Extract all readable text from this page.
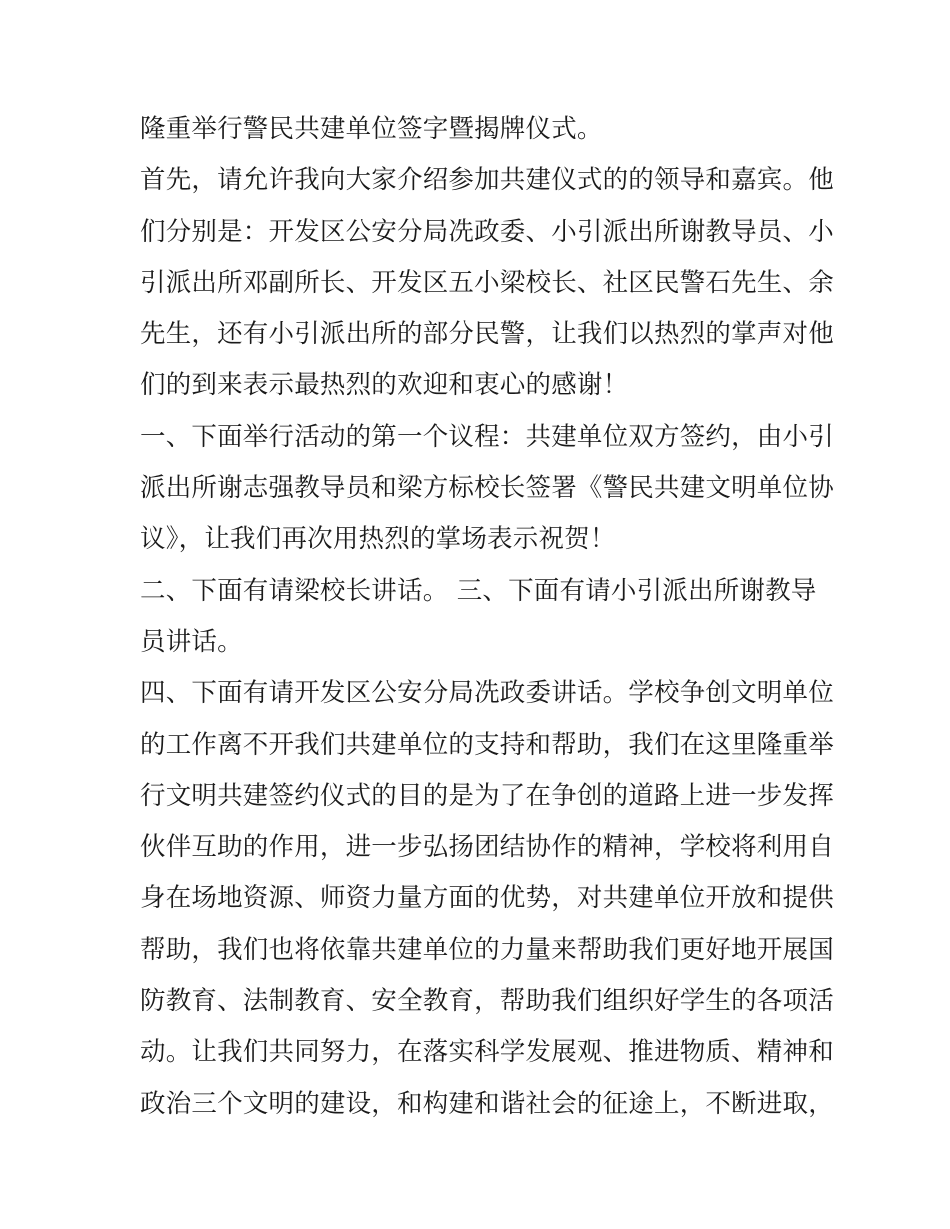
隆重举行警民共建单位签字暨揭牌仪式。
首先，请允许我向大家介绍参加共建仪式的的领导和嘉宾。他
们分别是：开发区公安分局冼政委、小引派出所谢教导员、小
引派出所邓副所长、开发区五小梁校长、社区民警石先生、余
先生，还有小引派出所的部分民警，让我们以热烈的掌声对他
们的到来表示最热烈的欢迎和衷心的感谢！
一、下面举行活动的第一个议程：共建单位双方签约，由小引
派出所谢志强教导员和梁方标校长签署《警民共建文明单位协
议》，让我们再次用热烈的掌场表示祝贺！
二、下面有请梁校长讲话。 三、下面有请小引派出所谢教导
员讲话。
四、下面有请开发区公安分局冼政委讲话。学校争创文明单位
的工作离不开我们共建单位的支持和帮助，我们在这里隆重举
行文明共建签约仪式的目的是为了在争创的道路上进一步发挥
伙伴互助的作用，进一步弘扬团结协作的精神，学校将利用自
身在场地资源、师资力量方面的优势，对共建单位开放和提供
帮助，我们也将依靠共建单位的力量来帮助我们更好地开展国
防教育、法制教育、安全教育，帮助我们组织好学生的各项活
动。让我们共同努力，在落实科学发展观、推进物质、精神和
政治三个文明的建设，和构建和谐社会的征途上，不断进取，
